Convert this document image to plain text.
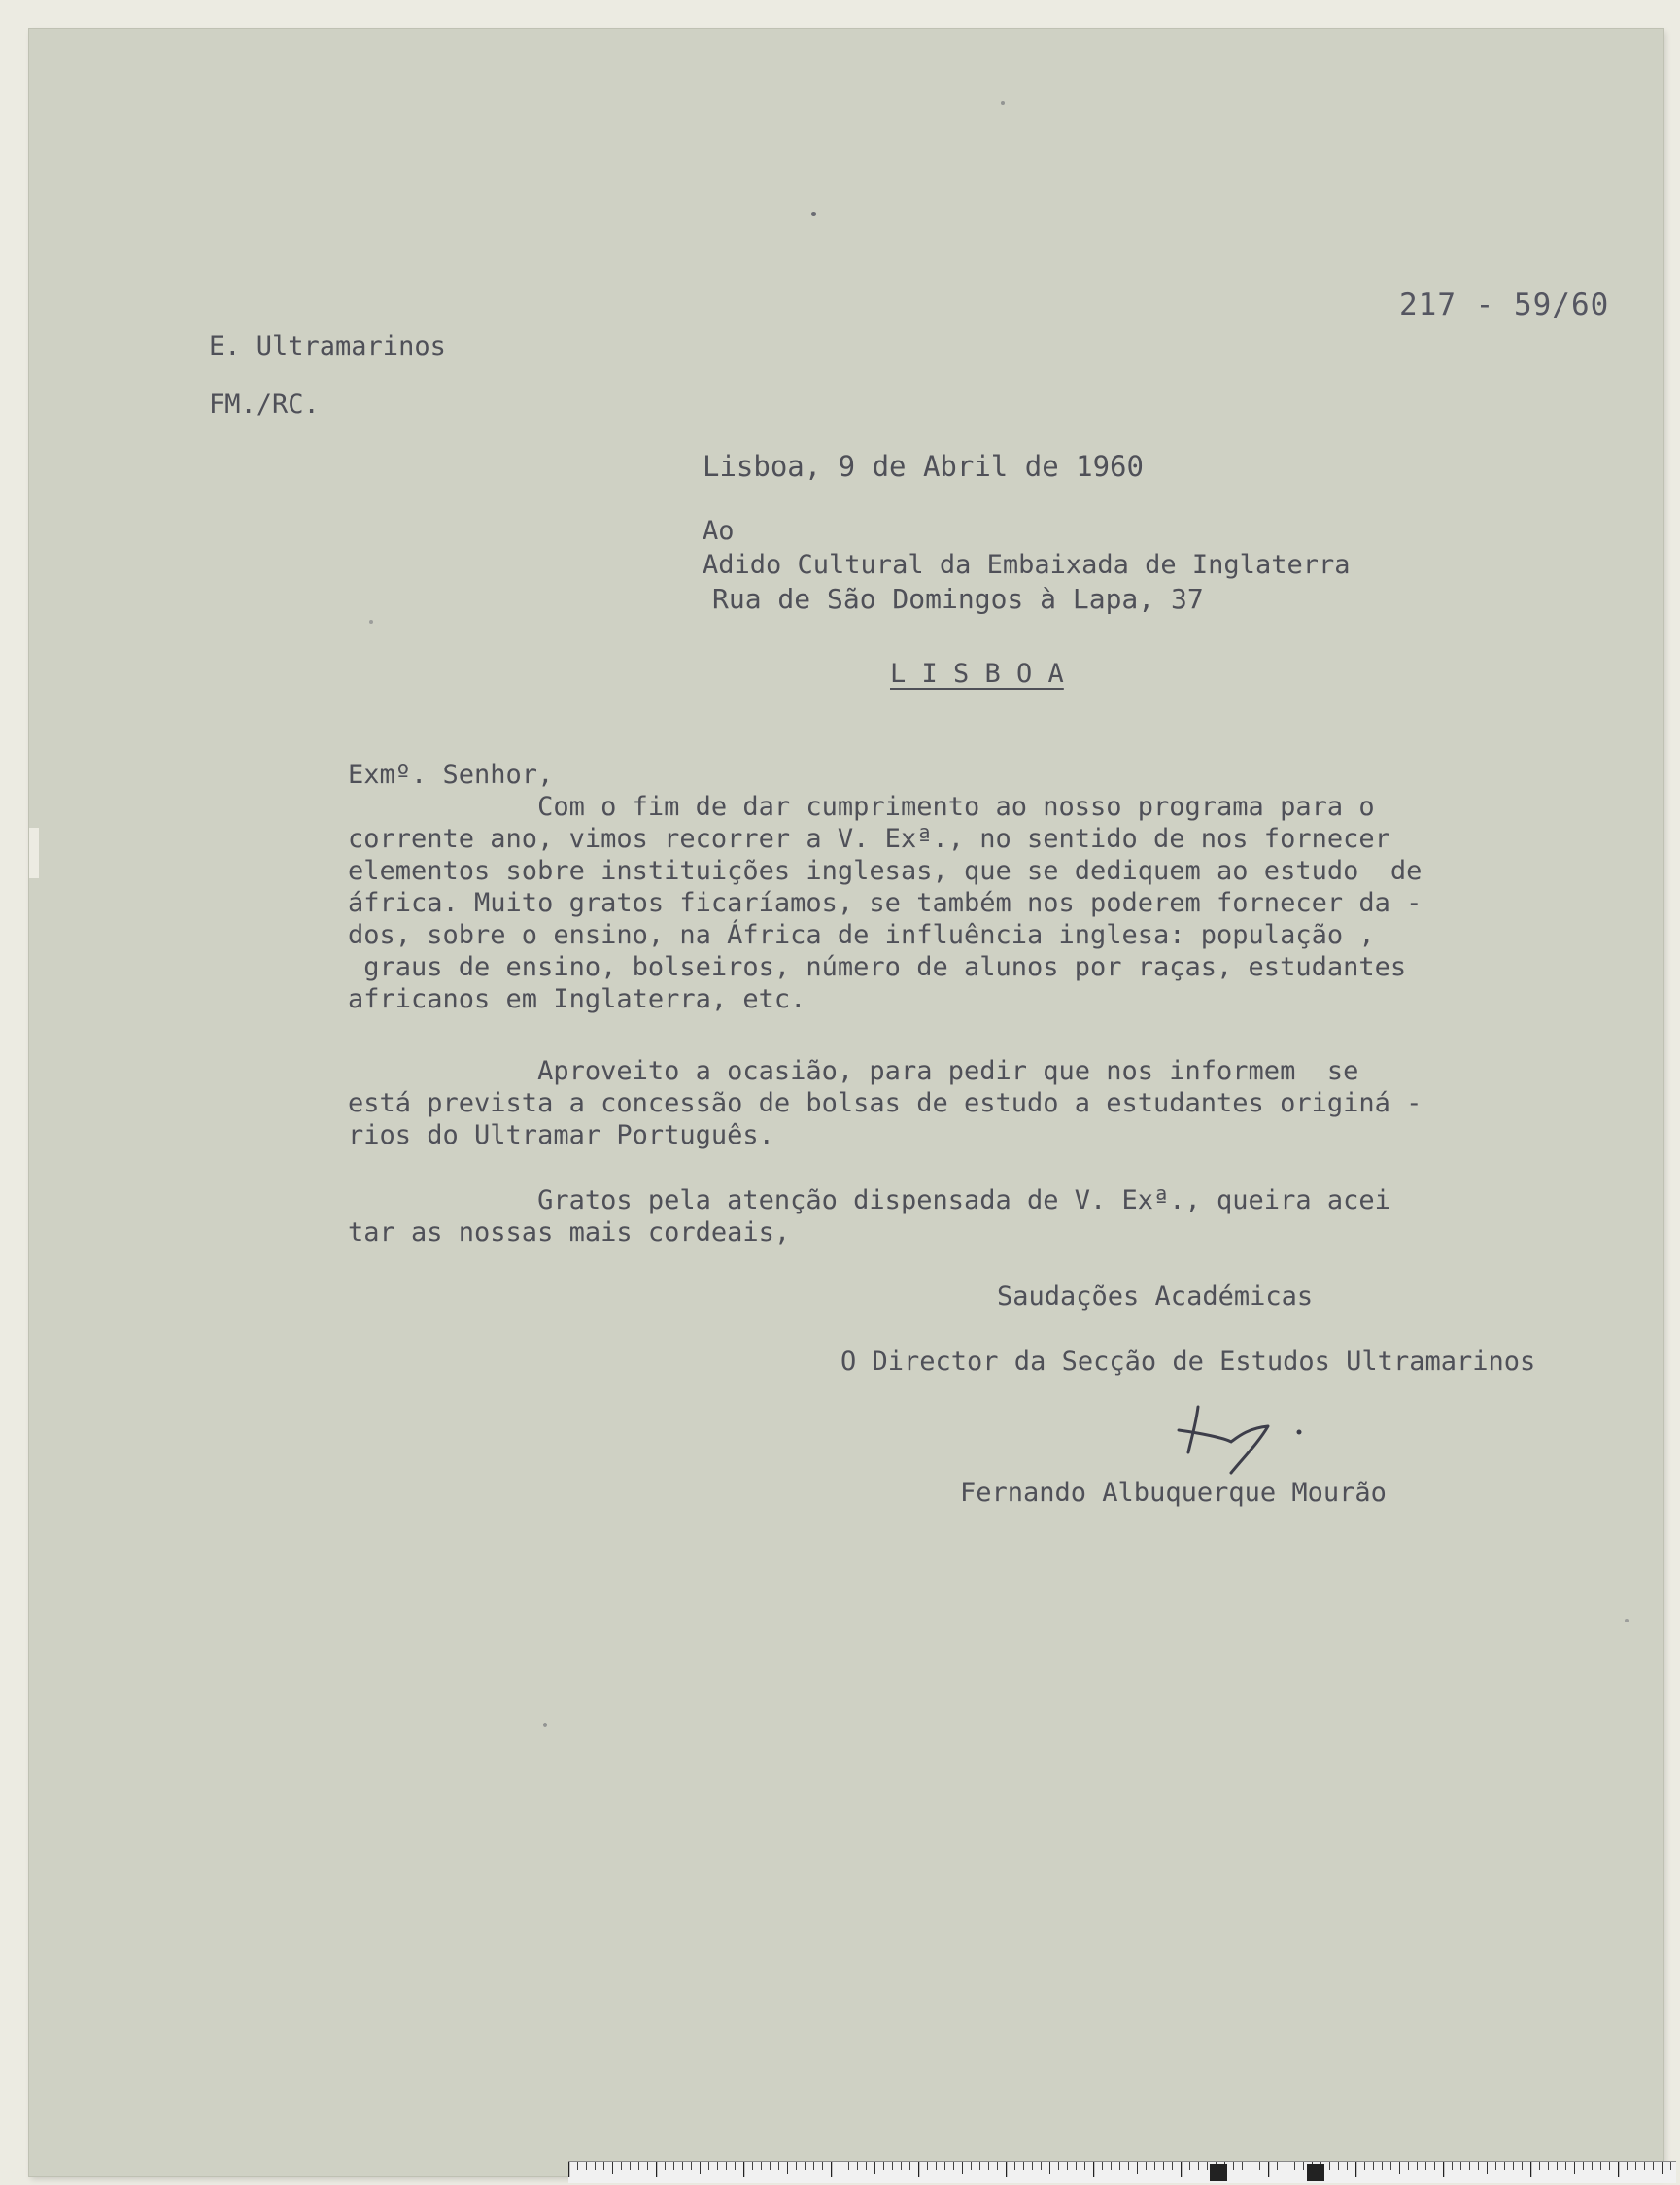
217 - 59/60
E. Ultramarinos
FM./RC.
Lisboa, 9 de Abril de 1960
Ao
Adido Cultural da Embaixada de Inglaterra
Rua de São Domingos à Lapa, 37
L I S B O A
Exmº. Senhor,
Com o fim de dar cumprimento ao nosso programa para o
corrente ano, vimos recorrer a V. Exª., no sentido de nos fornecer
elementos sobre instituições inglesas, que se dediquem ao estudo  de
áfrica. Muito gratos ficaríamos, se também nos poderem fornecer da -
dos, sobre o ensino, na África de influência inglesa: população ,
graus de ensino, bolseiros, número de alunos por raças, estudantes
africanos em Inglaterra, etc.
Aproveito a ocasião, para pedir que nos informem  se
está prevista a concessão de bolsas de estudo a estudantes originá -
rios do Ultramar Português.
Gratos pela atenção dispensada de V. Exª., queira acei
tar as nossas mais cordeais,
Saudações Académicas
O Director da Secção de Estudos Ultramarinos
Fernando Albuquerque Mourão
